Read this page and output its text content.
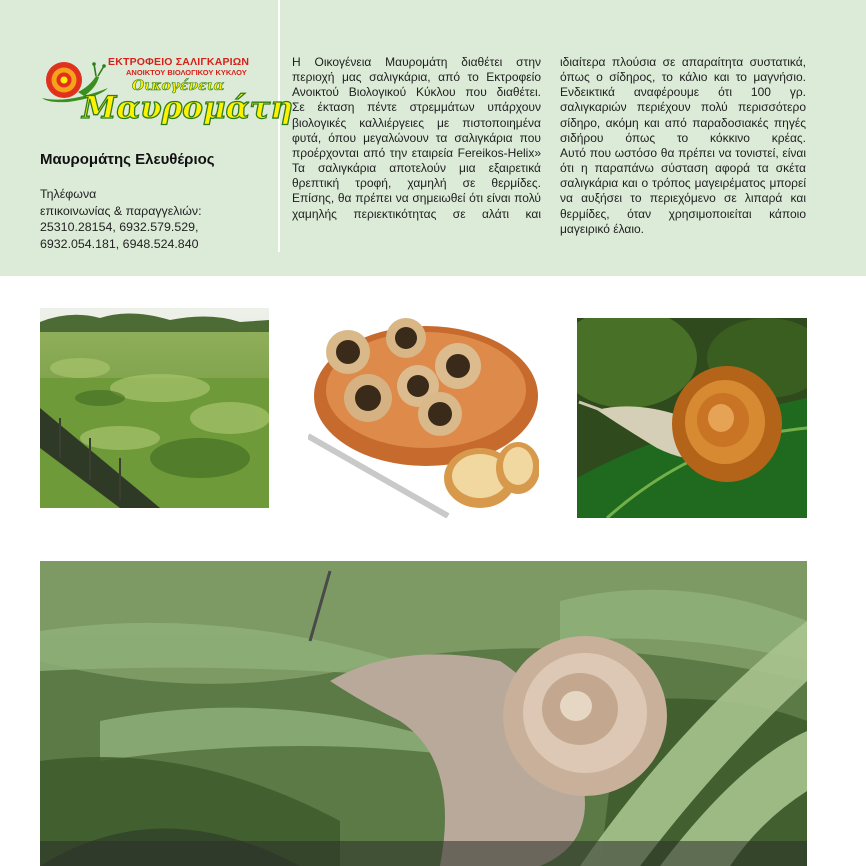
ΕΚΤΡΟΦΕΙΟ ΣΑΛΙΓΚΑΡΙΩΝ
ΑΝΟΙΚΤΟΥ ΒΙΟΛΟΓΙΚΟΥ ΚΥΚΛΟΥ
Οικογένεια
Μαυρομάτη
Μαυρομάτης Ελευθέριος
Τηλέφωνα
επικοινωνίας & παραγγελιών:
25310.28154, 6932.579.529,
6932.054.181, 6948.524.840

Η Οικογένεια Μαυρομάτη διαθέτει στην περιοχή μας σαλιγκάρια, από το Εκτροφείο Ανοικτού Βιολογικού Κύκλου που διαθέτει.

Σε έκταση πέντε στρεμμάτων υπάρχουν βιολογικές καλλιέργειες με πιστοποιημένα φυτά, όπου μεγαλώνουν τα σαλιγκάρια που προέρχονται από την εταιρεία Fereikos-Helix»

Τα σαλιγκάρια αποτελούν μια εξαιρετικά θρεπτική τροφή, χαμηλή σε θερμίδες.

Επίσης, θα πρέπει να σημειωθεί ότι είναι πολύ χαμηλής περιεκτικότητας σε αλάτι και

ιδιαίτερα πλούσια σε απαραίτητα συστατικά, όπως ο σίδηρος, το κάλιο και το μαγνήσιο. Ενδεικτικά αναφέρουμε ότι 100 γρ. σαλιγκαριών περιέχουν πολύ περισσότερο σίδηρο, ακόμη και από παραδοσιακές πηγές σιδήρου όπως το κόκκινο κρέας.

Αυτό που ωστόσο θα πρέπει να τονιστεί, είναι ότι η παραπάνω σύσταση αφορά τα σκέτα σαλιγκάρια και ο τρόπος μαγειρέματος μπορεί να αυξήσει το περιεχόμενο σε λιπαρά και θερμίδες, όταν χρησιμοποιείται κάποιο μαγειρικό έλαιο.
